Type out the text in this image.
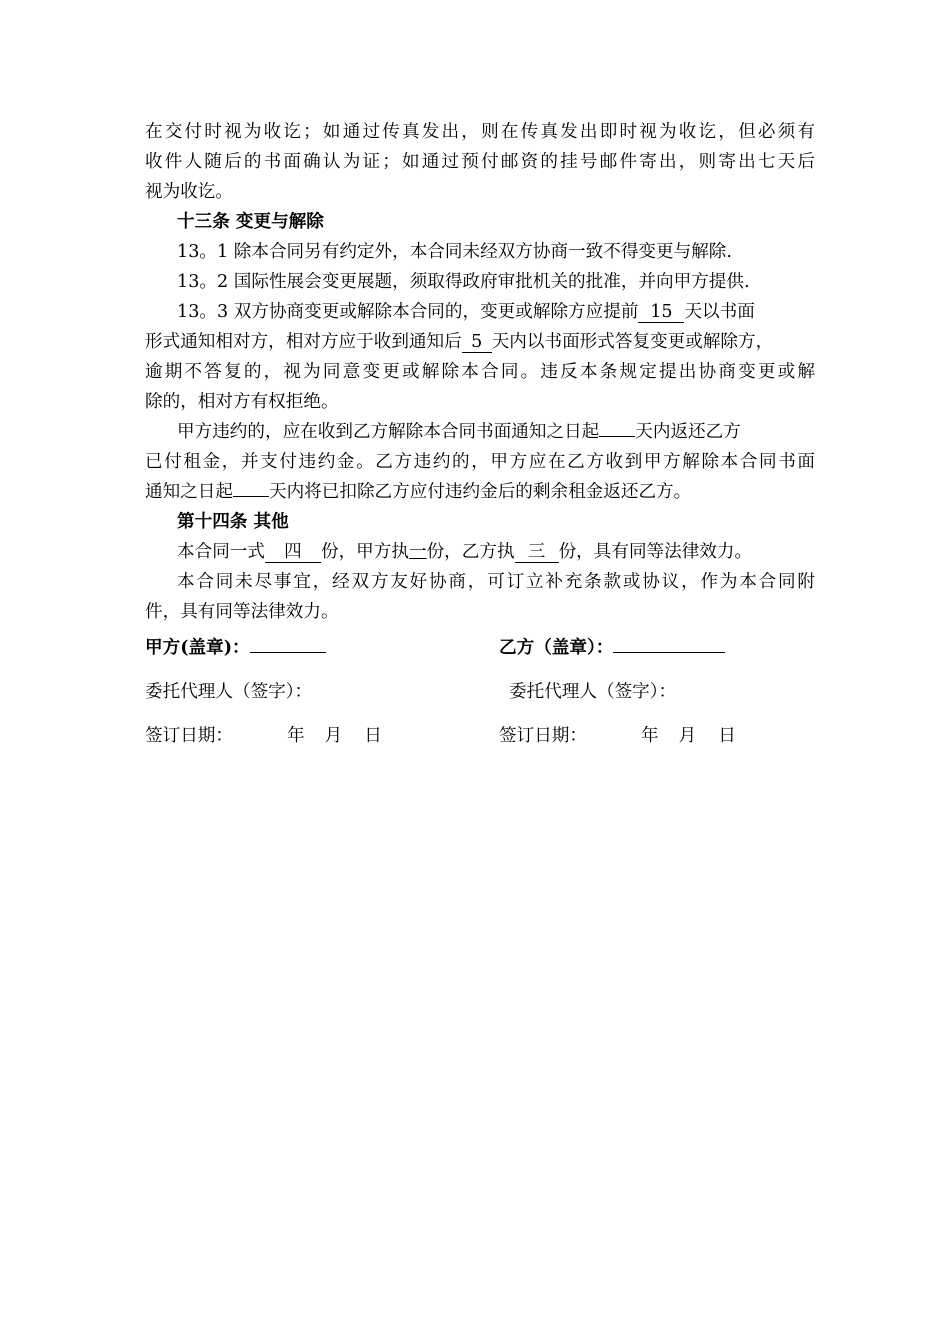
在交付时视为收讫；如通过传真发出，则在传真发出即时视为收讫，但必须有
收件人随后的书面确认为证；如通过预付邮资的挂号邮件寄出，则寄出七天后
视为收讫。
十三条 变更与解除
13。1 除本合同另有约定外，本合同未经双方协商一致不得变更与解除.
13。2 国际性展会变更展题，须取得政府审批机关的批准，并向甲方提供.
13。3 双方协商变更或解除本合同的，变更或解除方应提前 15 天以书面
形式通知相对方，相对方应于收到通知后 5 天内以书面形式答复变更或解除方，
逾期不答复的，视为同意变更或解除本合同。违反本条规定提出协商变更或解
除的，相对方有权拒绝。
甲方违约的，应在收到乙方解除本合同书面通知之日起 天内返还乙方
已付租金，并支付违约金。乙方违约的，甲方应在乙方收到甲方解除本合同书面
通知之日起 天内将已扣除乙方应付违约金后的剩余租金返还乙方。
第十四条 其他
本合同一式 四 份，甲方执一份，乙方执 三 份，具有同等法律效力。
本合同未尽事宜，经双方友好协商，可订立补充条款或协议，作为本合同附
件，具有同等法律效力。
甲方(盖章)：	乙方（盖章）：
委托代理人（签字）：	委托代理人（签字）：
签订日期：	年 月 日	签订日期：	年 月 日
